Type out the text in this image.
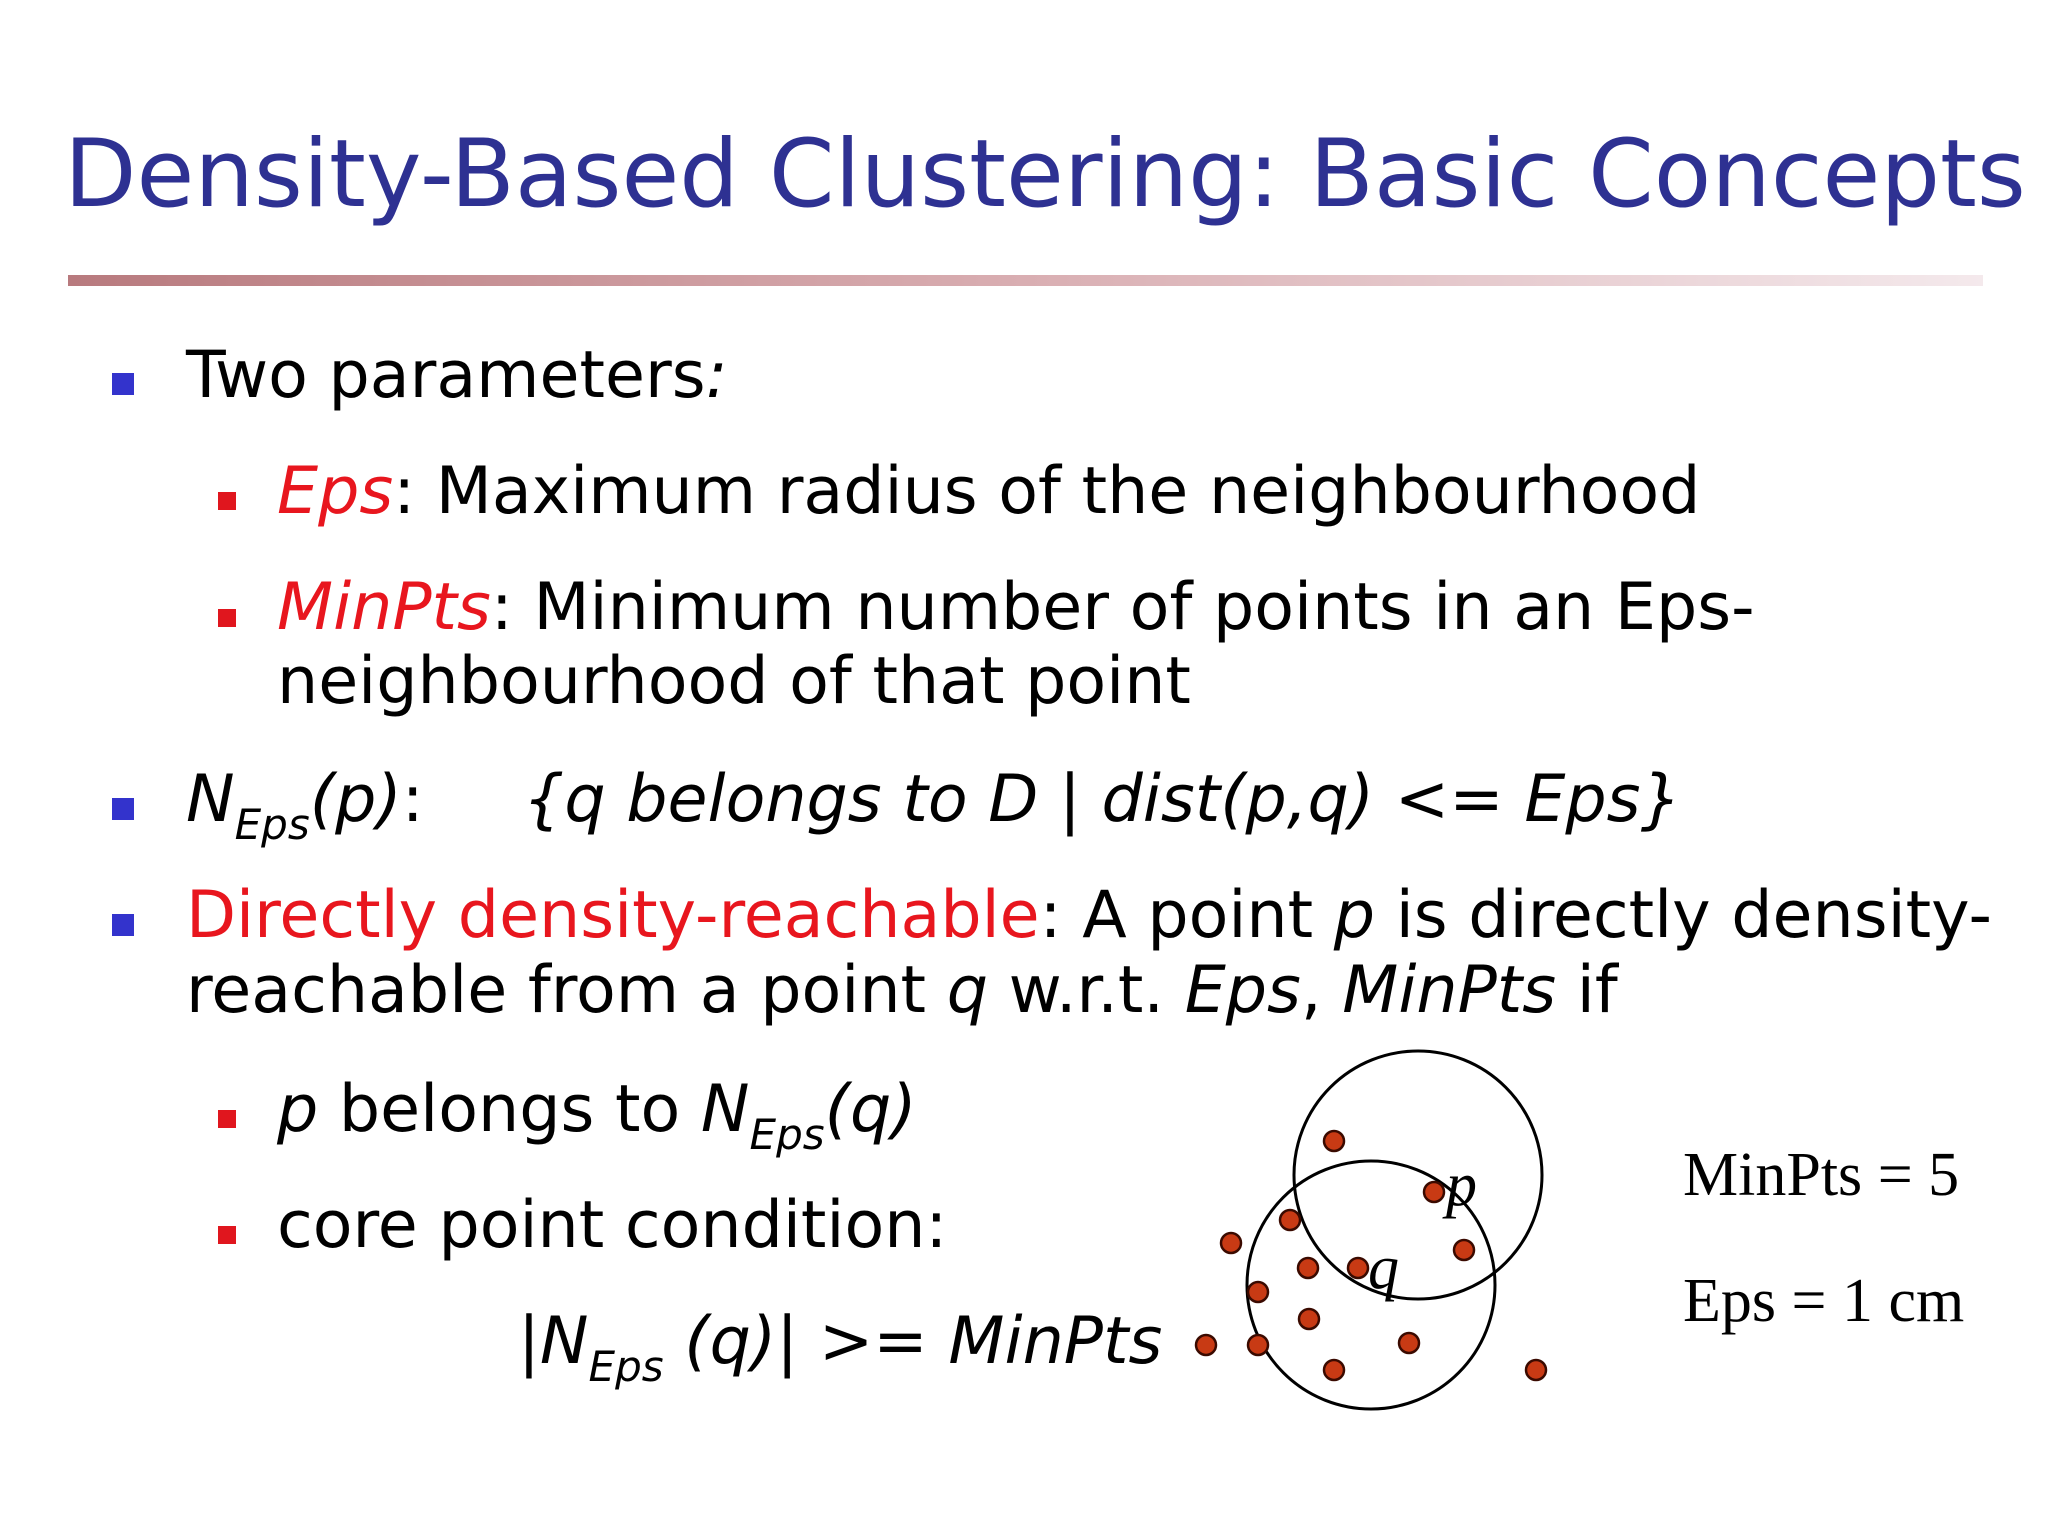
Density-Based Clustering: Basic Concepts
Two parameters:
Eps: Maximum radius of the neighbourhood
MinPts: Minimum number of points in an Eps-
neighbourhood of that point
$N_{Eps}(p)$: {q belongs to D | dist(p,q) <= Eps}
Directly density-reachable: A point p is directly density-
reachable from a point q w.r.t. Eps, MinPts if
p belongs to $N_{Eps}(q)$
core point condition:
$|N_{Eps}$ (q)| >= MinPts
p
q
MinPts = 5
Eps = 1 cm
